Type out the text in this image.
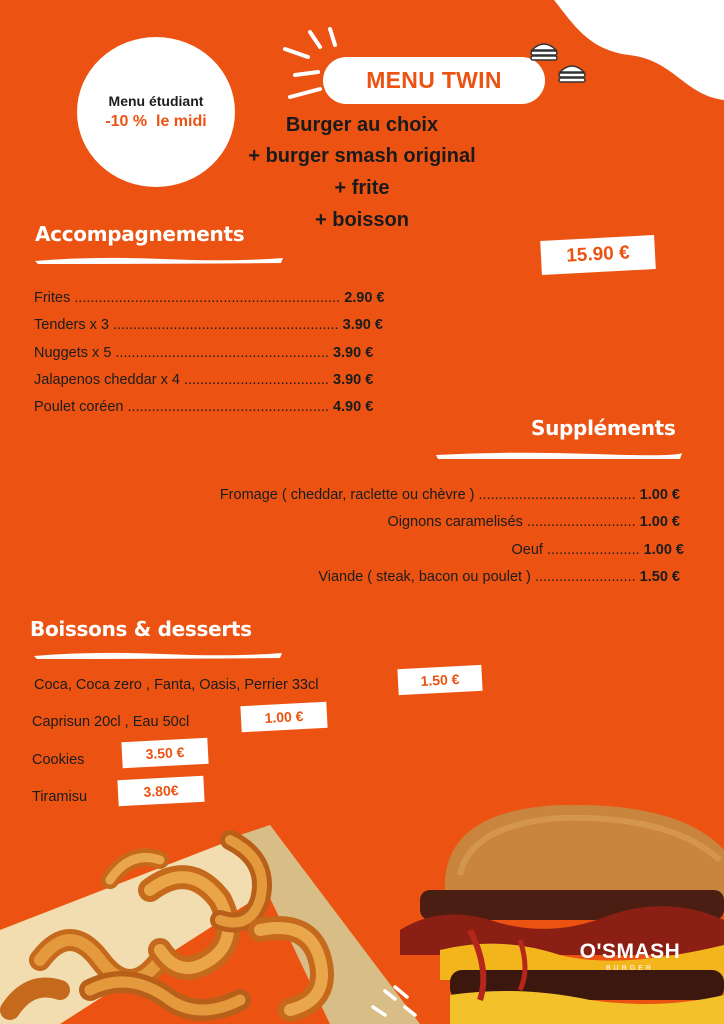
Menu étudiant
-10 %  le midi
MENU TWIN
Burger au choix
+ burger smash original
+ frite
+ boisson
15.90 €
Accompagnements
Frites .................................................................. 2.90 €
Tenders x 3 ........................................................ 3.90 €
Nuggets x 5 ..................................................... 3.90 €
Jalapenos cheddar x 4 .................................... 3.90 €
Poulet coréen .................................................. 4.90 €
Suppléments
Fromage ( cheddar, raclette ou chèvre ) ....................................... 1.00 €
Oignons caramelisés ........................... 1.00 €
Oeuf ....................... 1.00 €
Viande ( steak, bacon ou poulet ) ......................... 1.50 €
Boissons & desserts
Coca, Coca zero , Fanta, Oasis, Perrier 33cl	1.50 €
Caprisun 20cl , Eau 50cl	1.00 €
Cookies	3.50 €
Tiramisu	3.80€
O'SMASH
BURGER
